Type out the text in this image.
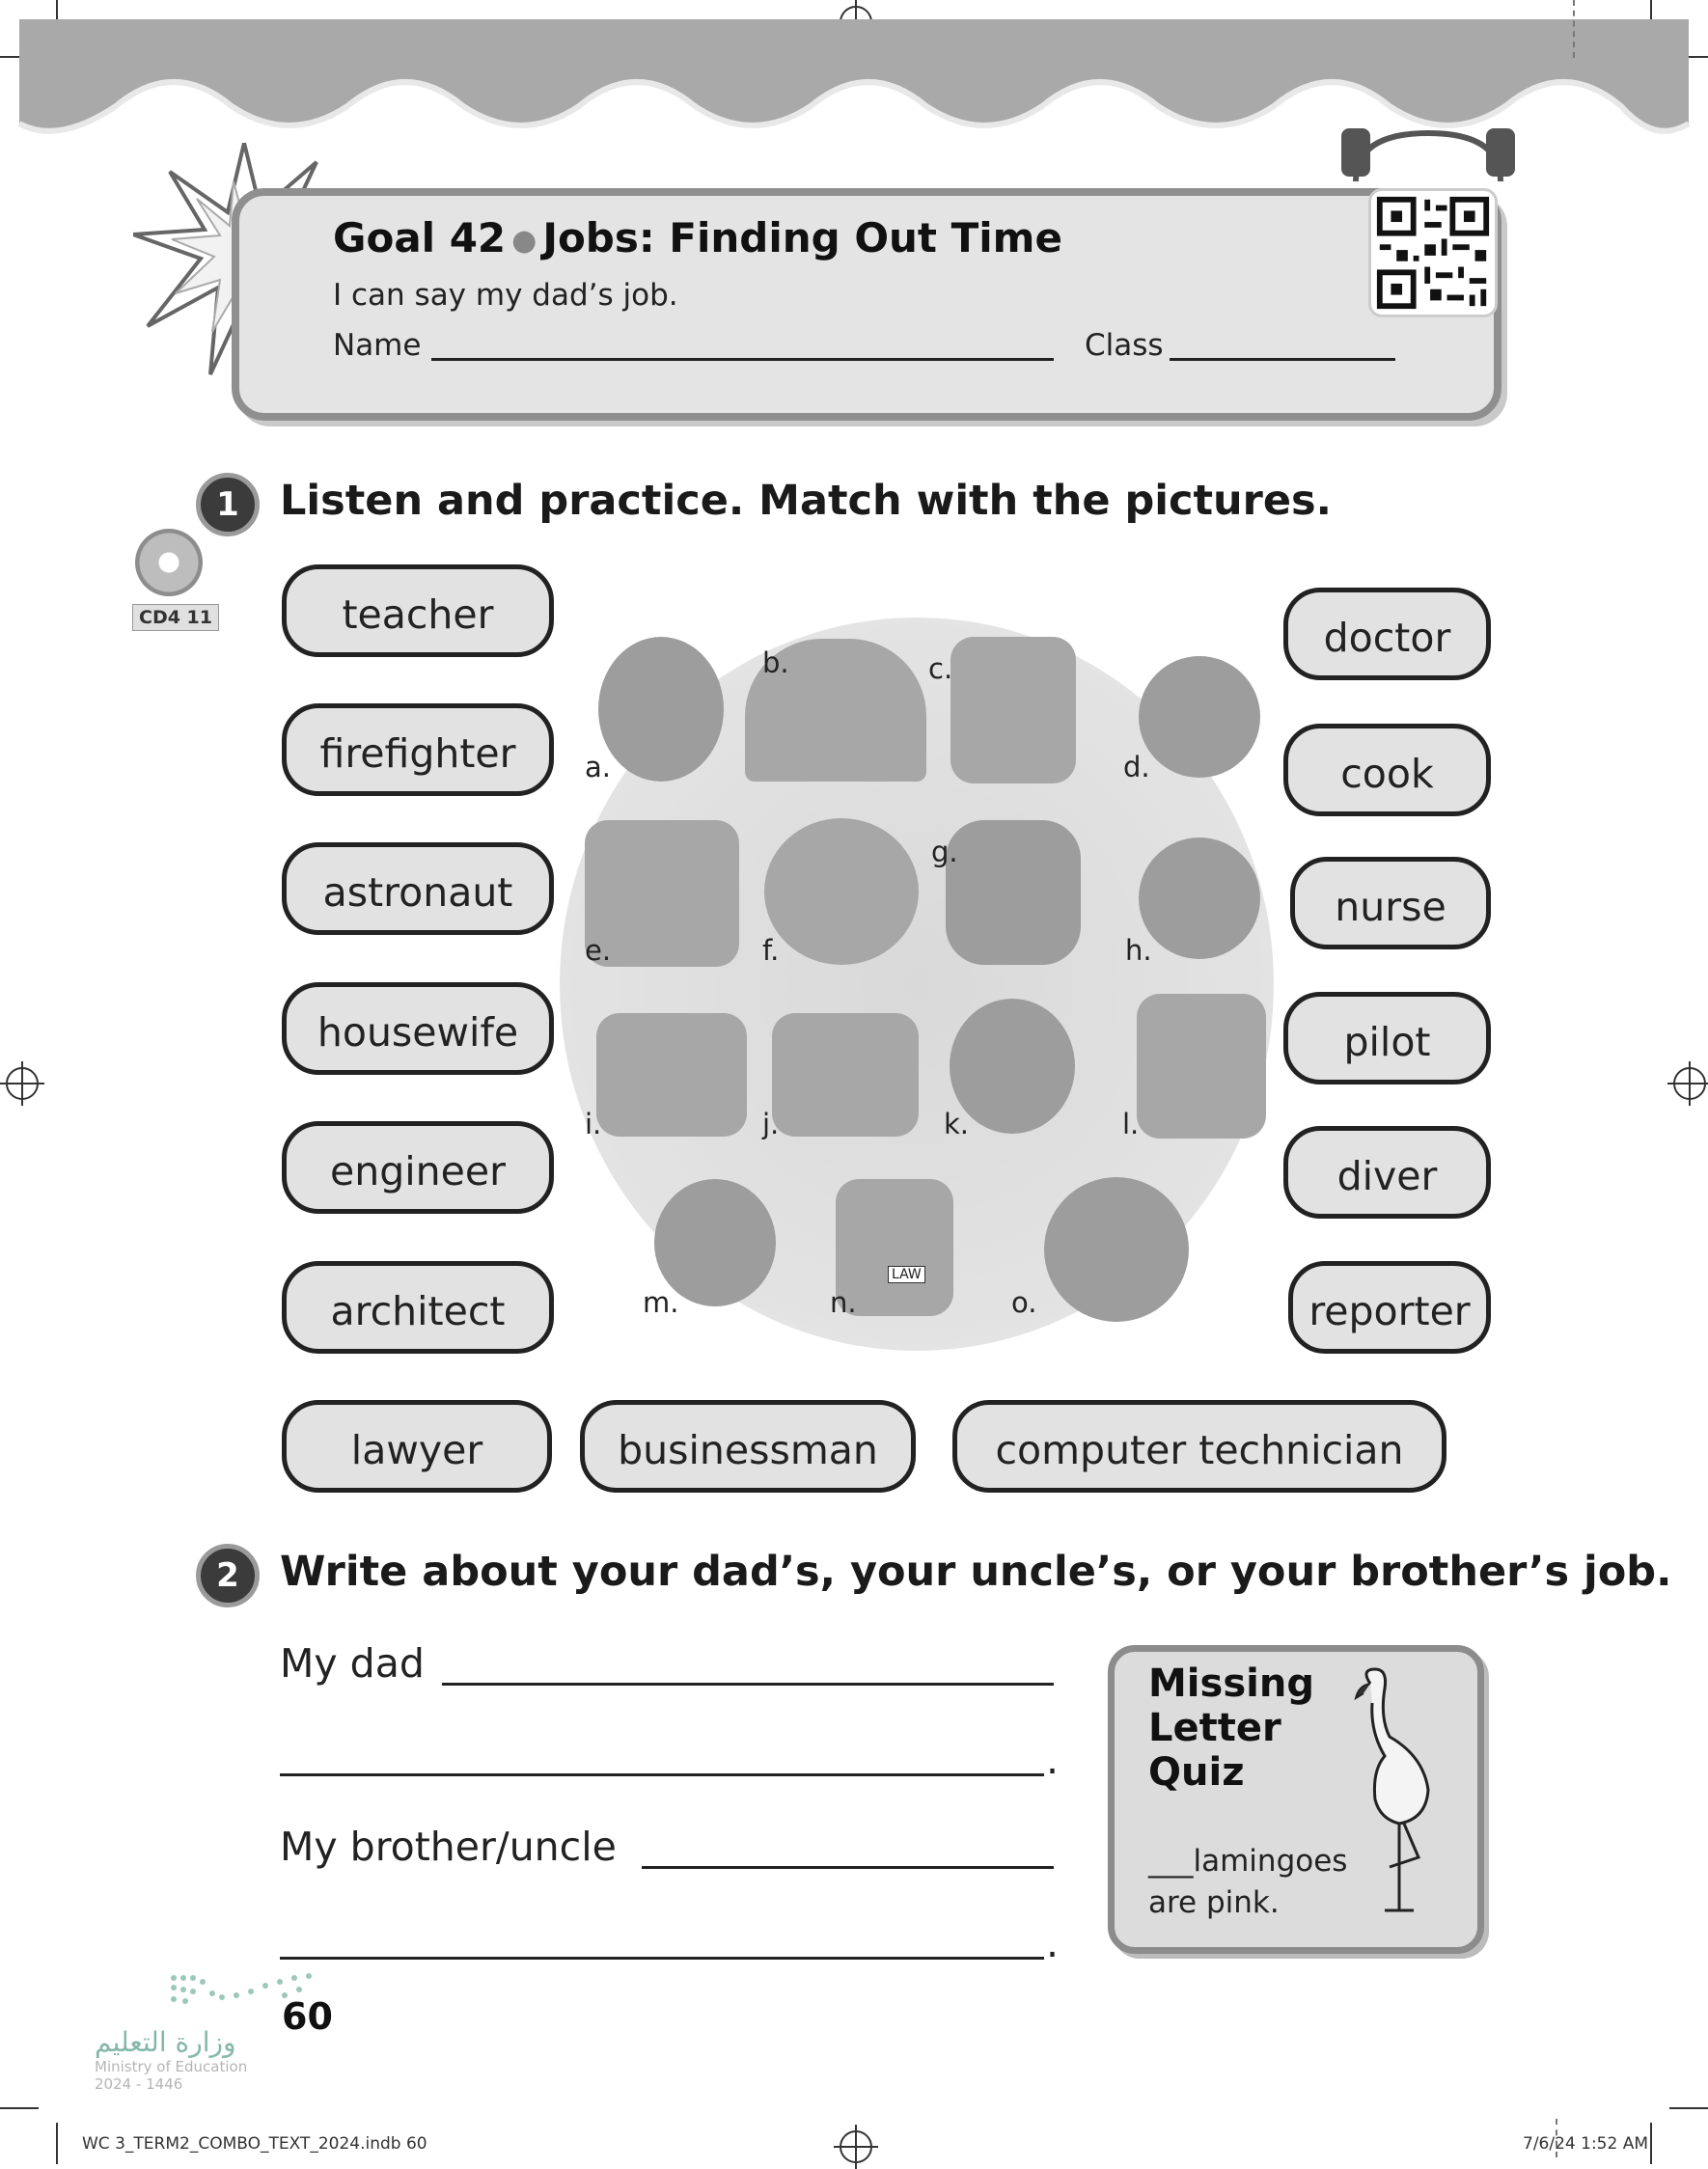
Goal 42 ● Jobs: Finding Out Time
I can say my dad’s job.
Name	Class
1 Listen and practice. Match with the pictures.
CD4 11	teacher
firefighter
astronaut
housewife
engineer
architect
doctor
cook
nurse
pilot
diver
reporter
lawyer	businessman	computer technician
a.
b.	c.
d.
e.	f.
g.
h.
i.	j.	k.	l.
m.
LAW
n.	o.
2 Write about your dad’s, your uncle’s, or your brother’s job.
My dad
.
My brother/uncle
.
Missing
Letter
Quiz
___lamingoes
are pink.
60
وزارة التعليم
Ministry of Education
2024 - 1446
WC 3_TERM2_COMBO_TEXT_2024.indb 60	7/6/24 1:52 AM
